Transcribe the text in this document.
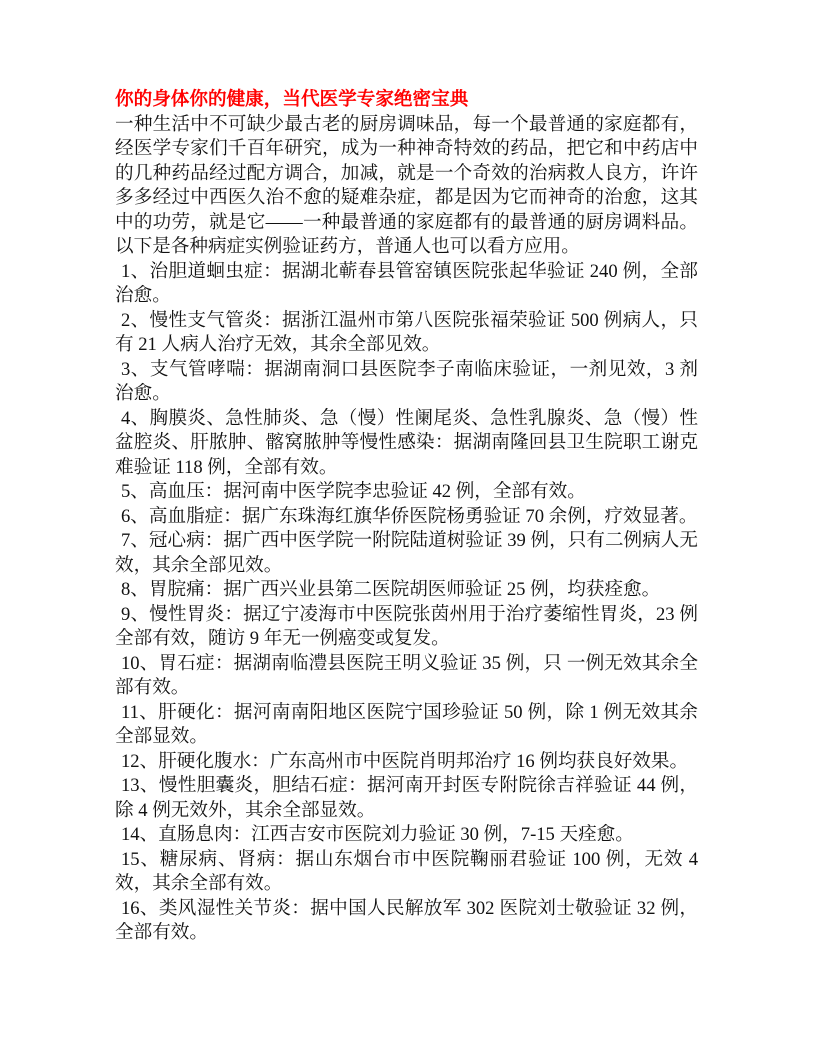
你的身体你的健康，当代医学专家绝密宝典

一种生活中不可缺少最古老的厨房调味品，每一个最普通的家庭都有，经医学专家们千百年研究，成为一种神奇特效的药品，把它和中药店中的几种药品经过配方调合，加减，就是一个奇效的治病救人良方，许许多多经过中西医久治不愈的疑难杂症，都是因为它而神奇的治愈，这其中的功劳，就是它——一种最普通的家庭都有的最普通的厨房调料品。以下是各种病症实例验证药方，普通人也可以看方应用。

1、治胆道蛔虫症：据湖北蕲春县管窑镇医院张起华验证 240 例，全部治愈。

2、慢性支气管炎：据浙江温州市第八医院张福荣验证 500 例病人，只有 21 人病人治疗无效，其余全部见效。

3、支气管哮喘：据湖南洞口县医院李子南临床验证，一剂见效，3 剂治愈。

4、胸膜炎、急性肺炎、急（慢）性阑尾炎、急性乳腺炎、急（慢）性盆腔炎、肝脓肿、髂窝脓肿等慢性感染：据湖南隆回县卫生院职工谢克难验证 118 例，全部有效。

5、高血压：据河南中医学院李忠验证 42 例，全部有效。

6、高血脂症：据广东珠海红旗华侨医院杨勇验证 70 余例，疗效显著。

7、冠心病：据广西中医学院一附院陆道树验证 39 例，只有二例病人无效，其余全部见效。

8、胃脘痛：据广西兴业县第二医院胡医师验证 25 例，均获痊愈。

9、慢性胃炎：据辽宁凌海市中医院张茵州用于治疗萎缩性胃炎，23 例全部有效，随访 9 年无一例癌变或复发。

10、胃石症：据湖南临澧县医院王明义验证 35 例，只 一例无效其余全部有效。

11、肝硬化：据河南南阳地区医院宁国珍验证 50 例，除 1 例无效其余全部显效。

12、肝硬化腹水：广东高州市中医院肖明邦治疗 16 例均获良好效果。

13、慢性胆囊炎，胆结石症：据河南开封医专附院徐吉祥验证 44 例，除 4 例无效外，其余全部显效。

14、直肠息肉：江西吉安市医院刘力验证 30 例，7-15 天痊愈。

15、糖尿病、肾病：据山东烟台市中医院鞠丽君验证 100 例，无效 4 效，其余全部有效。

16、类风湿性关节炎：据中国人民解放军 302 医院刘士敬验证 32 例，全部有效。
